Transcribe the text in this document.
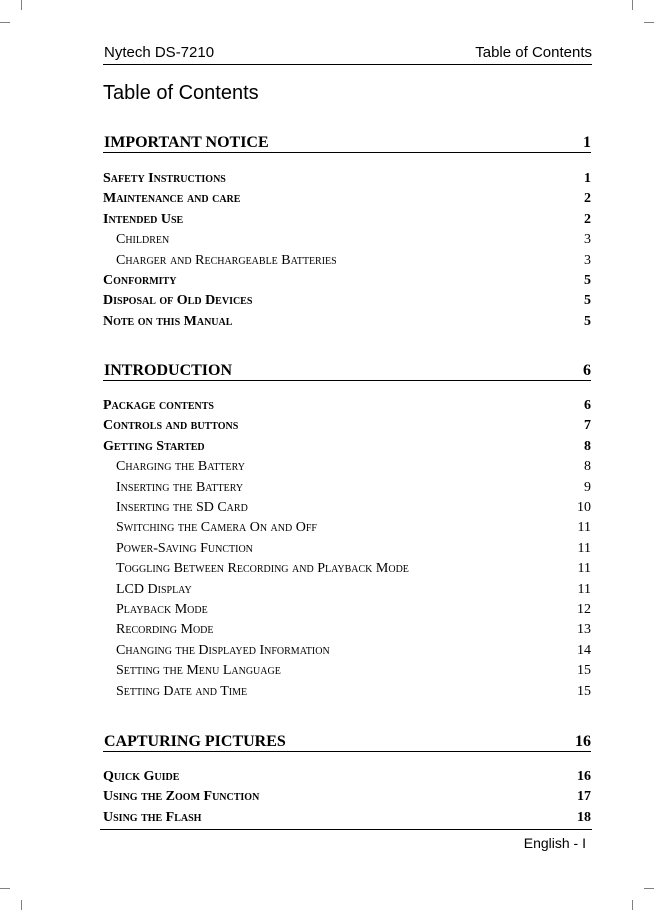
Nytech DS-7210	Table of Contents
Table of Contents
IMPORTANT NOTICE	1
Safety Instructions	1
Maintenance and care	2
Intended Use	2
Children	3
Charger and Rechargeable Batteries	3
Conformity	5
Disposal of Old Devices	5
Note on this Manual	5
INTRODUCTION	6
Package contents	6
Controls and buttons	7
Getting Started	8
Charging the Battery	8
Inserting the Battery	9
Inserting the SD Card	10
Switching the Camera On and Off	11
Power-Saving Function	11
Toggling Between Recording and Playback Mode	11
LCD Display	11
Playback Mode	12
Recording Mode	13
Changing the Displayed Information	14
Setting the Menu Language	15
Setting Date and Time	15
CAPTURING PICTURES	16
Quick Guide	16
Using the Zoom Function	17
Using the Flash	18
English - I
